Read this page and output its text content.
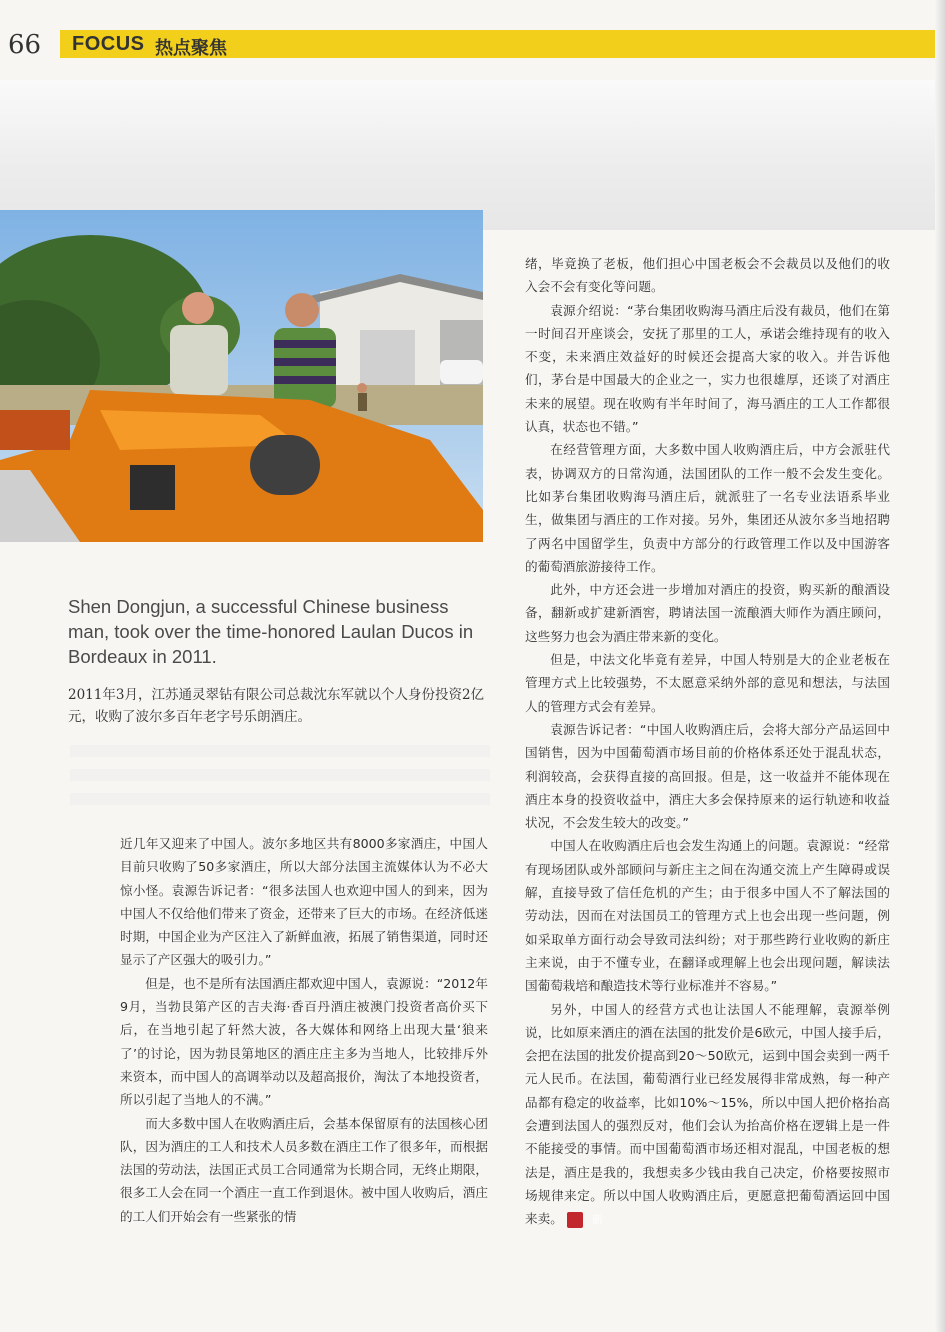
66 FOCUS 热点聚焦
Shen Dongjun, a successful Chinese business man, took over the time-honored Laulan Ducos in Bordeaux in 2011.
2011年3月，江苏通灵翠钻有限公司总裁沈东军就以个人身份投资2亿元，收购了波尔多百年老字号乐朗酒庄。

近几年又迎来了中国人。波尔多地区共有8000多家酒庄，中国人目前只收购了50多家酒庄，所以大部分法国主流媒体认为不必大惊小怪。袁源告诉记者：“很多法国人也欢迎中国人的到来，因为中国人不仅给他们带来了资金，还带来了巨大的市场。在经济低迷时期，中国企业为产区注入了新鲜血液，拓展了销售渠道，同时还显示了产区强大的吸引力。”

但是，也不是所有法国酒庄都欢迎中国人，袁源说：“2012年9月，当勃艮第产区的吉夫海·香百丹酒庄被澳门投资者高价买下后，在当地引起了轩然大波，各大媒体和网络上出现大量‘狼来了’的讨论，因为勃艮第地区的酒庄庄主多为当地人，比较排斥外来资本，而中国人的高调举动以及超高报价，淘汰了本地投资者，所以引起了当地人的不满。”

而大多数中国人在收购酒庄后，会基本保留原有的法国核心团队，因为酒庄的工人和技术人员多数在酒庄工作了很多年，而根据法国的劳动法，法国正式员工合同通常为长期合同，无终止期限，很多工人会在同一个酒庄一直工作到退休。被中国人收购后，酒庄的工人们开始会有一些紧张的情

绪，毕竟换了老板，他们担心中国老板会不会裁员以及他们的收入会不会有变化等问题。

袁源介绍说：“茅台集团收购海马酒庄后没有裁员，他们在第一时间召开座谈会，安抚了那里的工人，承诺会维持现有的收入不变，未来酒庄效益好的时候还会提高大家的收入。并告诉他们，茅台是中国最大的企业之一，实力也很雄厚，还谈了对酒庄未来的展望。现在收购有半年时间了，海马酒庄的工人工作都很认真，状态也不错。”

在经营管理方面，大多数中国人收购酒庄后，中方会派驻代表，协调双方的日常沟通，法国团队的工作一般不会发生变化。比如茅台集团收购海马酒庄后，就派驻了一名专业法语系毕业生，做集团与酒庄的工作对接。另外，集团还从波尔多当地招聘了两名中国留学生，负责中方部分的行政管理工作以及中国游客的葡萄酒旅游接待工作。

此外，中方还会进一步增加对酒庄的投资，购买新的酿酒设备，翻新或扩建新酒窖，聘请法国一流酿酒大师作为酒庄顾问，这些努力也会为酒庄带来新的变化。

但是，中法文化毕竟有差异，中国人特别是大的企业老板在管理方式上比较强势，不太愿意采纳外部的意见和想法，与法国人的管理方式会有差异。

袁源告诉记者：“中国人收购酒庄后，会将大部分产品运回中国销售，因为中国葡萄酒市场目前的价格体系还处于混乱状态，利润较高，会获得直接的高回报。但是，这一收益并不能体现在酒庄本身的投资收益中，酒庄大多会保持原来的运行轨迹和收益状况，不会发生较大的改变。”

中国人在收购酒庄后也会发生沟通上的问题。袁源说：“经常有现场团队或外部顾问与新庄主之间在沟通交流上产生障碍或误解，直接导致了信任危机的产生；由于很多中国人不了解法国的劳动法，因而在对法国员工的管理方式上也会出现一些问题，例如采取单方面行动会导致司法纠纷；对于那些跨行业收购的新庄主来说，由于不懂专业，在翻译或理解上也会出现问题，解读法国葡萄栽培和酿造技术等行业标准并不容易。”

另外，中国人的经营方式也让法国人不能理解，袁源举例说，比如原来酒庄的酒在法国的批发价是6欧元，中国人接手后，会把在法国的批发价提高到20～50欧元，运到中国会卖到一两千元人民币。在法国，葡萄酒行业已经发展得非常成熟，每一种产品都有稳定的收益率，比如10%～15%，所以中国人把价格抬高会遭到法国人的强烈反对，他们会认为抬高价格在逻辑上是一件不能接受的事情。而中国葡萄酒市场还相对混乱，中国老板的想法是，酒庄是我的，我想卖多少钱由我自己决定，价格要按照市场规律来定。所以中国人收购酒庄后，更愿意把葡萄酒运回中国来卖。	新
